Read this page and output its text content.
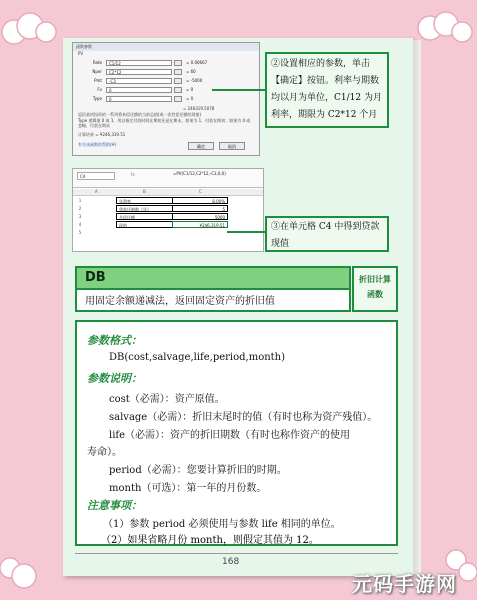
函数参数
PV
Rate	C1/12	= 0.00667
Nper	C2*12	= 60
Pmt	-C3	= -5000
Fv	0	= 0
Type	0	= 0
= 246319.5078
返回某项投资的一系列将来偿还额的当前总值(或一次性偿还额的现值)
Type 逻辑值 0 或 1，用以指定付款时间在期初还是在期末。如果为 1，付款在期初；如果为 0 或忽略，付款在期末
计算结果 = ¥246,319.51
有关该函数的帮助(H)	确定	取消
②设置相应的参数，单击【确定】按钮。利率与期数均以月为单位，C1/12 为月利率，期限为 C2*12 个月
C4	fx	=PV(C1/12,C2*12,-C3,0,0)
A	B	C
1	年利率	8.00%
2	贷款还期数（年）	5
3	月偿还额	5000
4	现值	¥246,319.51
5
③在单元格 C4 中得到贷款现值
DB
用固定余额递减法，返回固定资产的折旧值
折旧计算
函数
参数格式：
DB(cost,salvage,life,period,month)
参数说明：
cost（必需）：资产原值。
salvage（必需）：折旧末尾时的值（有时也称为资产残值）。
life（必需）：资产的折旧期数（有时也称作资产的使用
寿命）。
period（必需）：您要计算折旧的时期。
month（可选）：第一年的月份数。
注意事项：
（1）参数 period 必须使用与参数 life 相同的单位。
（2）如果省略月份 month，则假定其值为 12。
168
元码手游网
